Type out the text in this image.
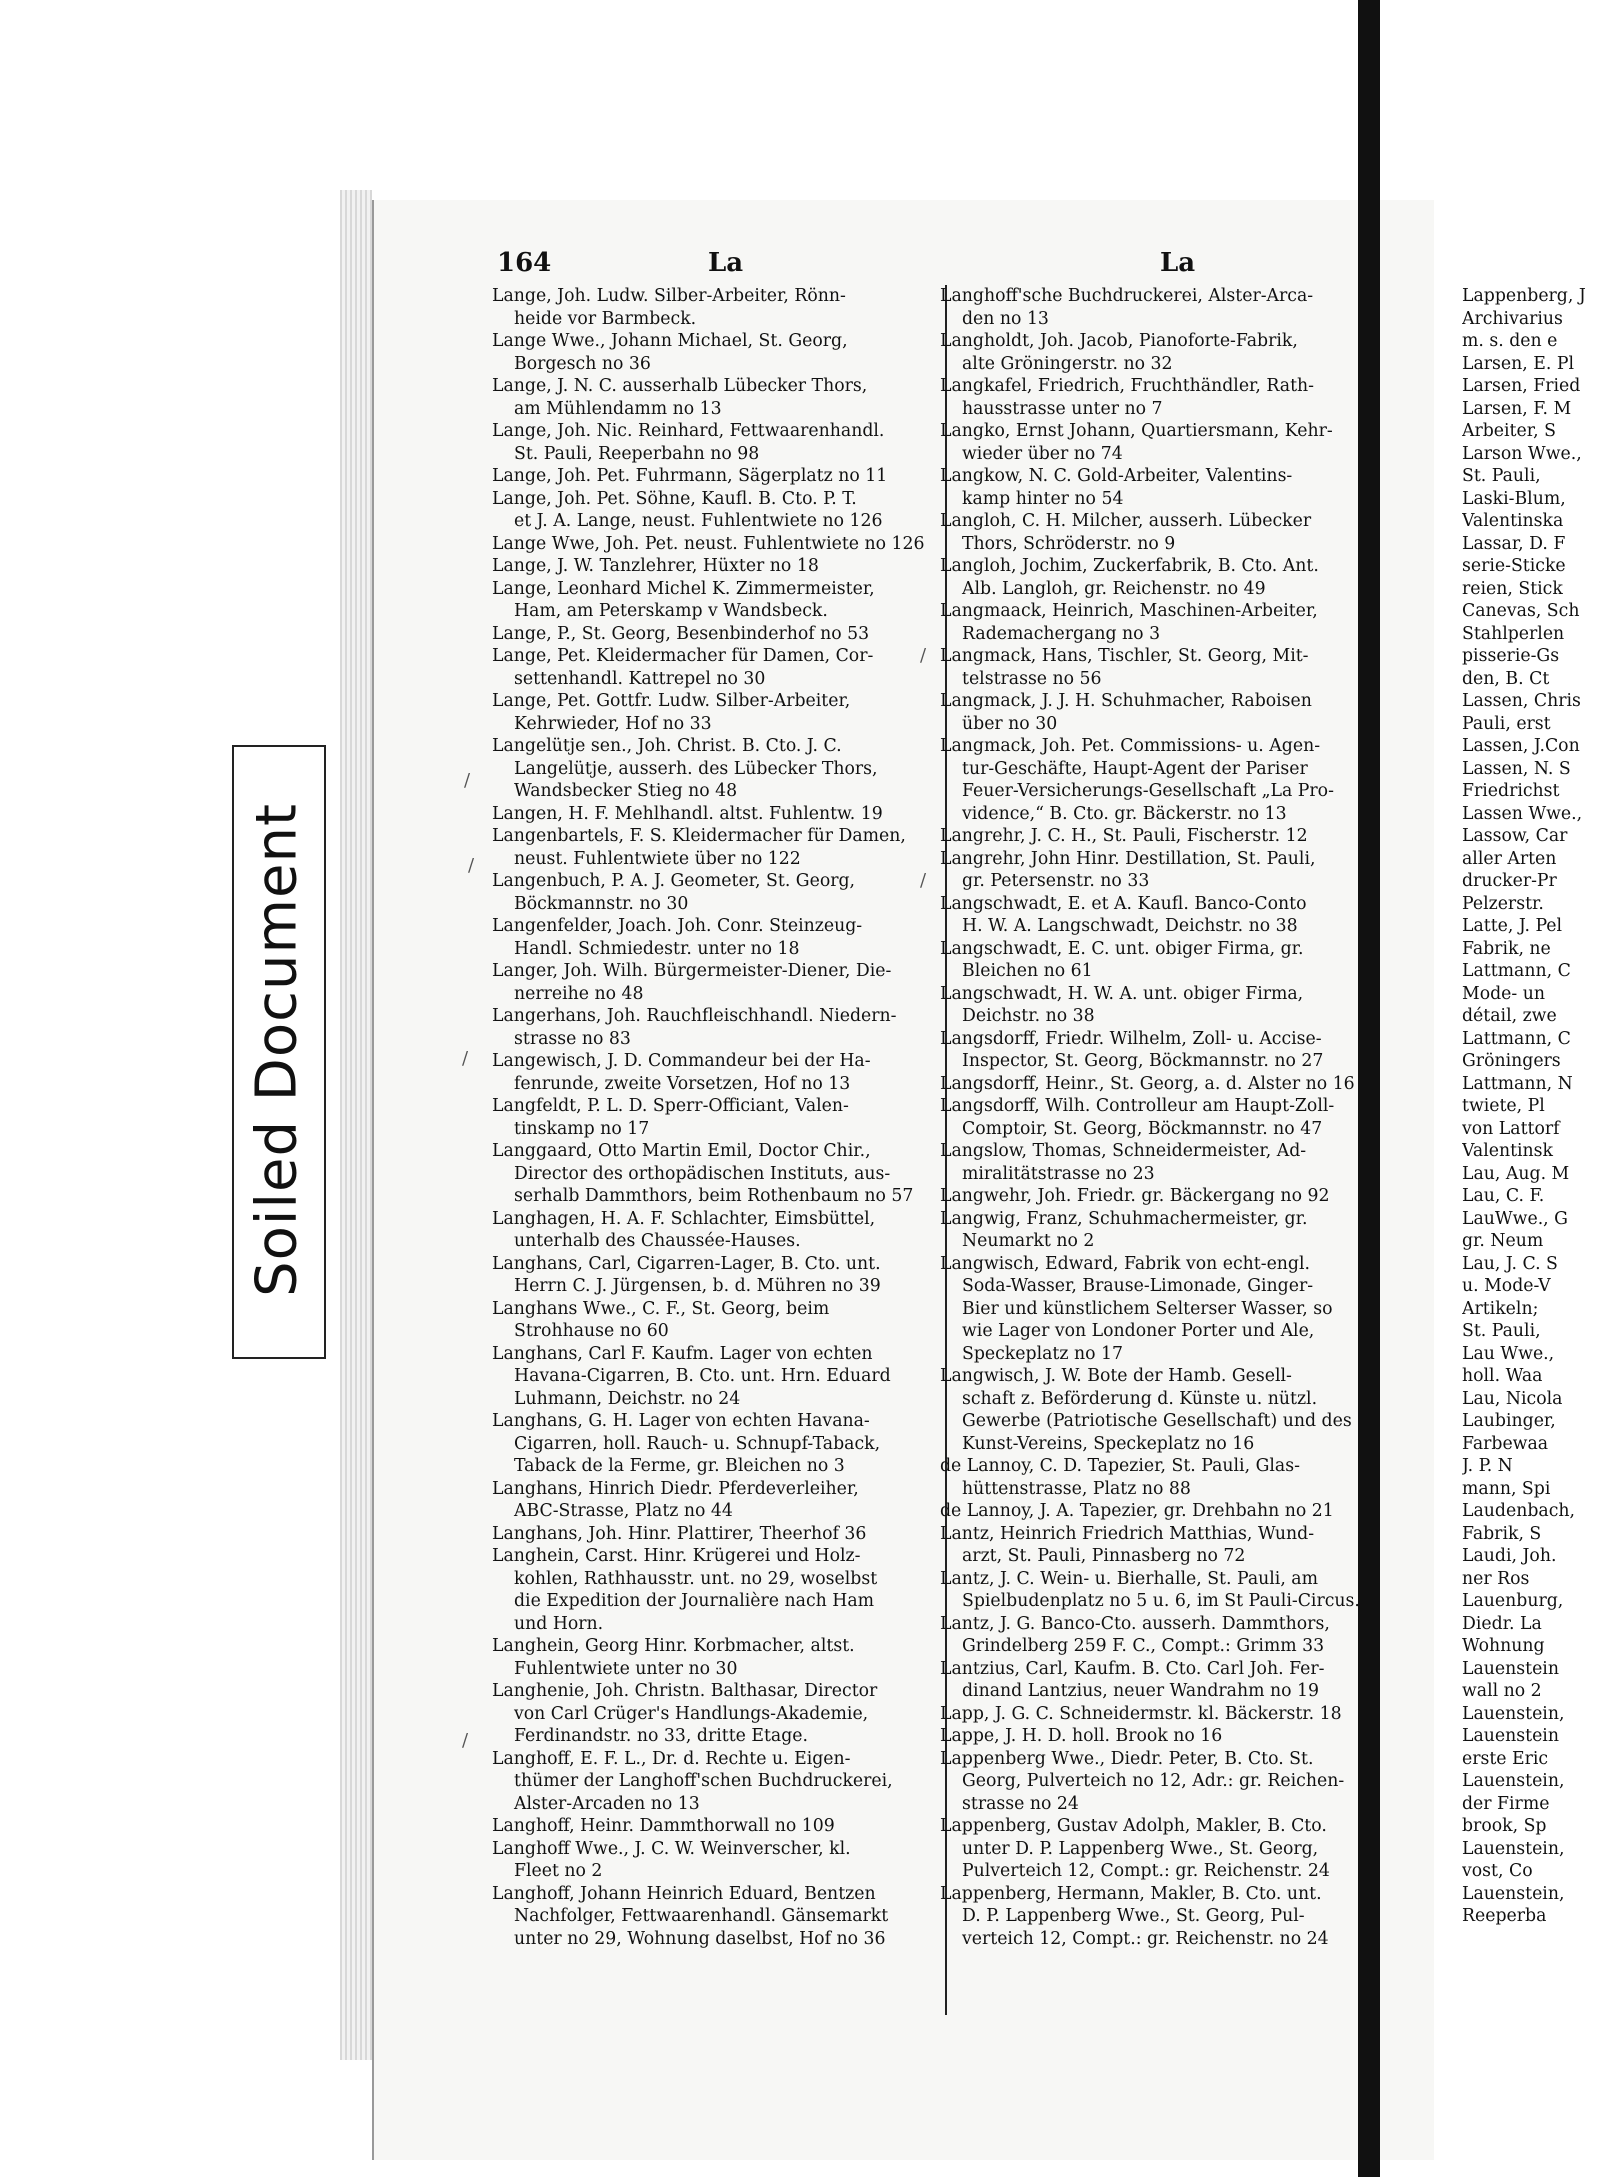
Soiled Document
164	La	La
Lange, Joh. Ludw. Silber-Arbeiter, Rönn-
heide vor Barmbeck.
Lange Wwe., Johann Michael, St. Georg,
Borgesch no 36
Lange, J. N. C. ausserhalb Lübecker Thors,
am Mühlendamm no 13
Lange, Joh. Nic. Reinhard, Fettwaarenhandl.
St. Pauli, Reeperbahn no 98
Lange, Joh. Pet. Fuhrmann, Sägerplatz no 11
Lange, Joh. Pet. Söhne, Kaufl. B. Cto. P. T.
et J. A. Lange, neust. Fuhlentwiete no 126
Lange Wwe, Joh. Pet. neust. Fuhlentwiete no 126
Lange, J. W. Tanzlehrer, Hüxter no 18
Lange, Leonhard Michel K. Zimmermeister,
Ham, am Peterskamp v Wandsbeck.
Lange, P., St. Georg, Besenbinderhof no 53
Lange, Pet. Kleidermacher für Damen, Cor-
settenhandl. Kattrepel no 30
Lange, Pet. Gottfr. Ludw. Silber-Arbeiter,
Kehrwieder, Hof no 33
Langelütje sen., Joh. Christ. B. Cto. J. C.
Langelütje, ausserh. des Lübecker Thors,
Wandsbecker Stieg no 48
Langen, H. F. Mehlhandl. altst. Fuhlentw. 19
Langenbartels, F. S. Kleidermacher für Damen,
neust. Fuhlentwiete über no 122
Langenbuch, P. A. J. Geometer, St. Georg,
Böckmannstr. no 30
Langenfelder, Joach. Joh. Conr. Steinzeug-
Handl. Schmiedestr. unter no 18
Langer, Joh. Wilh. Bürgermeister-Diener, Die-
nerreihe no 48
Langerhans, Joh. Rauchfleischhandl. Niedern-
strasse no 83
Langewisch, J. D. Commandeur bei der Ha-
fenrunde, zweite Vorsetzen, Hof no 13
Langfeldt, P. L. D. Sperr-Officiant, Valen-
tinskamp no 17
Langgaard, Otto Martin Emil, Doctor Chir.,
Director des orthopädischen Instituts, aus-
serhalb Dammthors, beim Rothenbaum no 57
Langhagen, H. A. F. Schlachter, Eimsbüttel,
unterhalb des Chaussée-Hauses.
Langhans, Carl, Cigarren-Lager, B. Cto. unt.
Herrn C. J. Jürgensen, b. d. Mühren no 39
Langhans Wwe., C. F., St. Georg, beim
Strohhause no 60
Langhans, Carl F. Kaufm. Lager von echten
Havana-Cigarren, B. Cto. unt. Hrn. Eduard
Luhmann, Deichstr. no 24
Langhans, G. H. Lager von echten Havana-
Cigarren, holl. Rauch- u. Schnupf-Taback,
Taback de la Ferme, gr. Bleichen no 3
Langhans, Hinrich Diedr. Pferdeverleiher,
ABC-Strasse, Platz no 44
Langhans, Joh. Hinr. Plattirer, Theerhof 36
Langhein, Carst. Hinr. Krügerei und Holz-
kohlen, Rathhausstr. unt. no 29, woselbst
die Expedition der Journalière nach Ham
und Horn.
Langhein, Georg Hinr. Korbmacher, altst.
Fuhlentwiete unter no 30
Langhenie, Joh. Christn. Balthasar, Director
von Carl Crüger's Handlungs-Akademie,
Ferdinandstr. no 33, dritte Etage.
Langhoff, E. F. L., Dr. d. Rechte u. Eigen-
thümer der Langhoff'schen Buchdruckerei,
Alster-Arcaden no 13
Langhoff, Heinr. Dammthorwall no 109
Langhoff Wwe., J. C. W. Weinverscher, kl.
Fleet no 2
Langhoff, Johann Heinrich Eduard, Bentzen
Nachfolger, Fettwaarenhandl. Gänsemarkt
unter no 29, Wohnung daselbst, Hof no 36
Langhoff'sche Buchdruckerei, Alster-Arca-
den no 13
Langholdt, Joh. Jacob, Pianoforte-Fabrik,
alte Gröningerstr. no 32
Langkafel, Friedrich, Fruchthändler, Rath-
hausstrasse unter no 7
Langko, Ernst Johann, Quartiersmann, Kehr-
wieder über no 74
Langkow, N. C. Gold-Arbeiter, Valentins-
kamp hinter no 54
Langloh, C. H. Milcher, ausserh. Lübecker
Thors, Schröderstr. no 9
Langloh, Jochim, Zuckerfabrik, B. Cto. Ant.
Alb. Langloh, gr. Reichenstr. no 49
Langmaack, Heinrich, Maschinen-Arbeiter,
Rademachergang no 3
Langmack, Hans, Tischler, St. Georg, Mit-
telstrasse no 56
Langmack, J. J. H. Schuhmacher, Raboisen
über no 30
Langmack, Joh. Pet. Commissions- u. Agen-
tur-Geschäfte, Haupt-Agent der Pariser
Feuer-Versicherungs-Gesellschaft „La Pro-
vidence,“ B. Cto. gr. Bäckerstr. no 13
Langrehr, J. C. H., St. Pauli, Fischerstr. 12
Langrehr, John Hinr. Destillation, St. Pauli,
gr. Petersenstr. no 33
Langschwadt, E. et A. Kaufl. Banco-Conto
H. W. A. Langschwadt, Deichstr. no 38
Langschwadt, E. C. unt. obiger Firma, gr.
Bleichen no 61
Langschwadt, H. W. A. unt. obiger Firma,
Deichstr. no 38
Langsdorff, Friedr. Wilhelm, Zoll- u. Accise-
Inspector, St. Georg, Böckmannstr. no 27
Langsdorff, Heinr., St. Georg, a. d. Alster no 16
Langsdorff, Wilh. Controlleur am Haupt-Zoll-
Comptoir, St. Georg, Böckmannstr. no 47
Langslow, Thomas, Schneidermeister, Ad-
miralitätstrasse no 23
Langwehr, Joh. Friedr. gr. Bäckergang no 92
Langwig, Franz, Schuhmachermeister, gr.
Neumarkt no 2
Langwisch, Edward, Fabrik von echt-engl.
Soda-Wasser, Brause-Limonade, Ginger-
Bier und künstlichem Selterser Wasser, so
wie Lager von Londoner Porter und Ale,
Speckeplatz no 17
Langwisch, J. W. Bote der Hamb. Gesell-
schaft z. Beförderung d. Künste u. nützl.
Gewerbe (Patriotische Gesellschaft) und des
Kunst-Vereins, Speckeplatz no 16
de Lannoy, C. D. Tapezier, St. Pauli, Glas-
hüttenstrasse, Platz no 88
de Lannoy, J. A. Tapezier, gr. Drehbahn no 21
Lantz, Heinrich Friedrich Matthias, Wund-
arzt, St. Pauli, Pinnasberg no 72
Lantz, J. C. Wein- u. Bierhalle, St. Pauli, am
Spielbudenplatz no 5 u. 6, im St Pauli-Circus.
Lantz, J. G. Banco-Cto. ausserh. Dammthors,
Grindelberg 259 F. C., Compt.: Grimm 33
Lantzius, Carl, Kaufm. B. Cto. Carl Joh. Fer-
dinand Lantzius, neuer Wandrahm no 19
Lapp, J. G. C. Schneidermstr. kl. Bäckerstr. 18
Lappe, J. H. D. holl. Brook no 16
Lappenberg Wwe., Diedr. Peter, B. Cto. St.
Georg, Pulverteich no 12, Adr.: gr. Reichen-
strasse no 24
Lappenberg, Gustav Adolph, Makler, B. Cto.
unter D. P. Lappenberg Wwe., St. Georg,
Pulverteich 12, Compt.: gr. Reichenstr. 24
Lappenberg, Hermann, Makler, B. Cto. unt.
D. P. Lappenberg Wwe., St. Georg, Pul-
verteich 12, Compt.: gr. Reichenstr. no 24
Lappenberg, J
Archivarius
m. s. den e
Larsen, E. Pl
Larsen, Fried
Larsen, F. M
Arbeiter, S
Larson Wwe.,
St. Pauli,
Laski-Blum,
Valentinska
Lassar, D. F
serie-Sticke
reien, Stick
Canevas, Sch
Stahlperlen
pisserie-Gs
den, B. Ct
Lassen, Chris
Pauli, erst
Lassen, J.Con
Lassen, N. S
Friedrichst
Lassen Wwe.,
Lassow, Car
aller Arten
drucker-Pr
Pelzerstr.
Latte, J. Pel
Fabrik, ne
Lattmann, C
Mode- un
détail, zwe
Lattmann, C
Gröningers
Lattmann, N
twiete, Pl
von Lattorf
Valentinsk
Lau, Aug. M
Lau, C. F.
LauWwe., G
gr. Neum
Lau, J. C. S
u. Mode-V
Artikeln;
St. Pauli,
Lau Wwe.,
holl. Waa
Lau, Nicola
Laubinger,
Farbewaa
J. P. N
mann, Spi
Laudenbach,
Fabrik, S
Laudi, Joh.
ner Ros
Lauenburg,
Diedr. La
Wohnung
Lauenstein
wall no 2
Lauenstein,
Lauenstein
erste Eric
Lauenstein,
der Firme
brook, Sp
Lauenstein,
vost, Co
Lauenstein,
Reeperba
/
/
/
/
/
/
